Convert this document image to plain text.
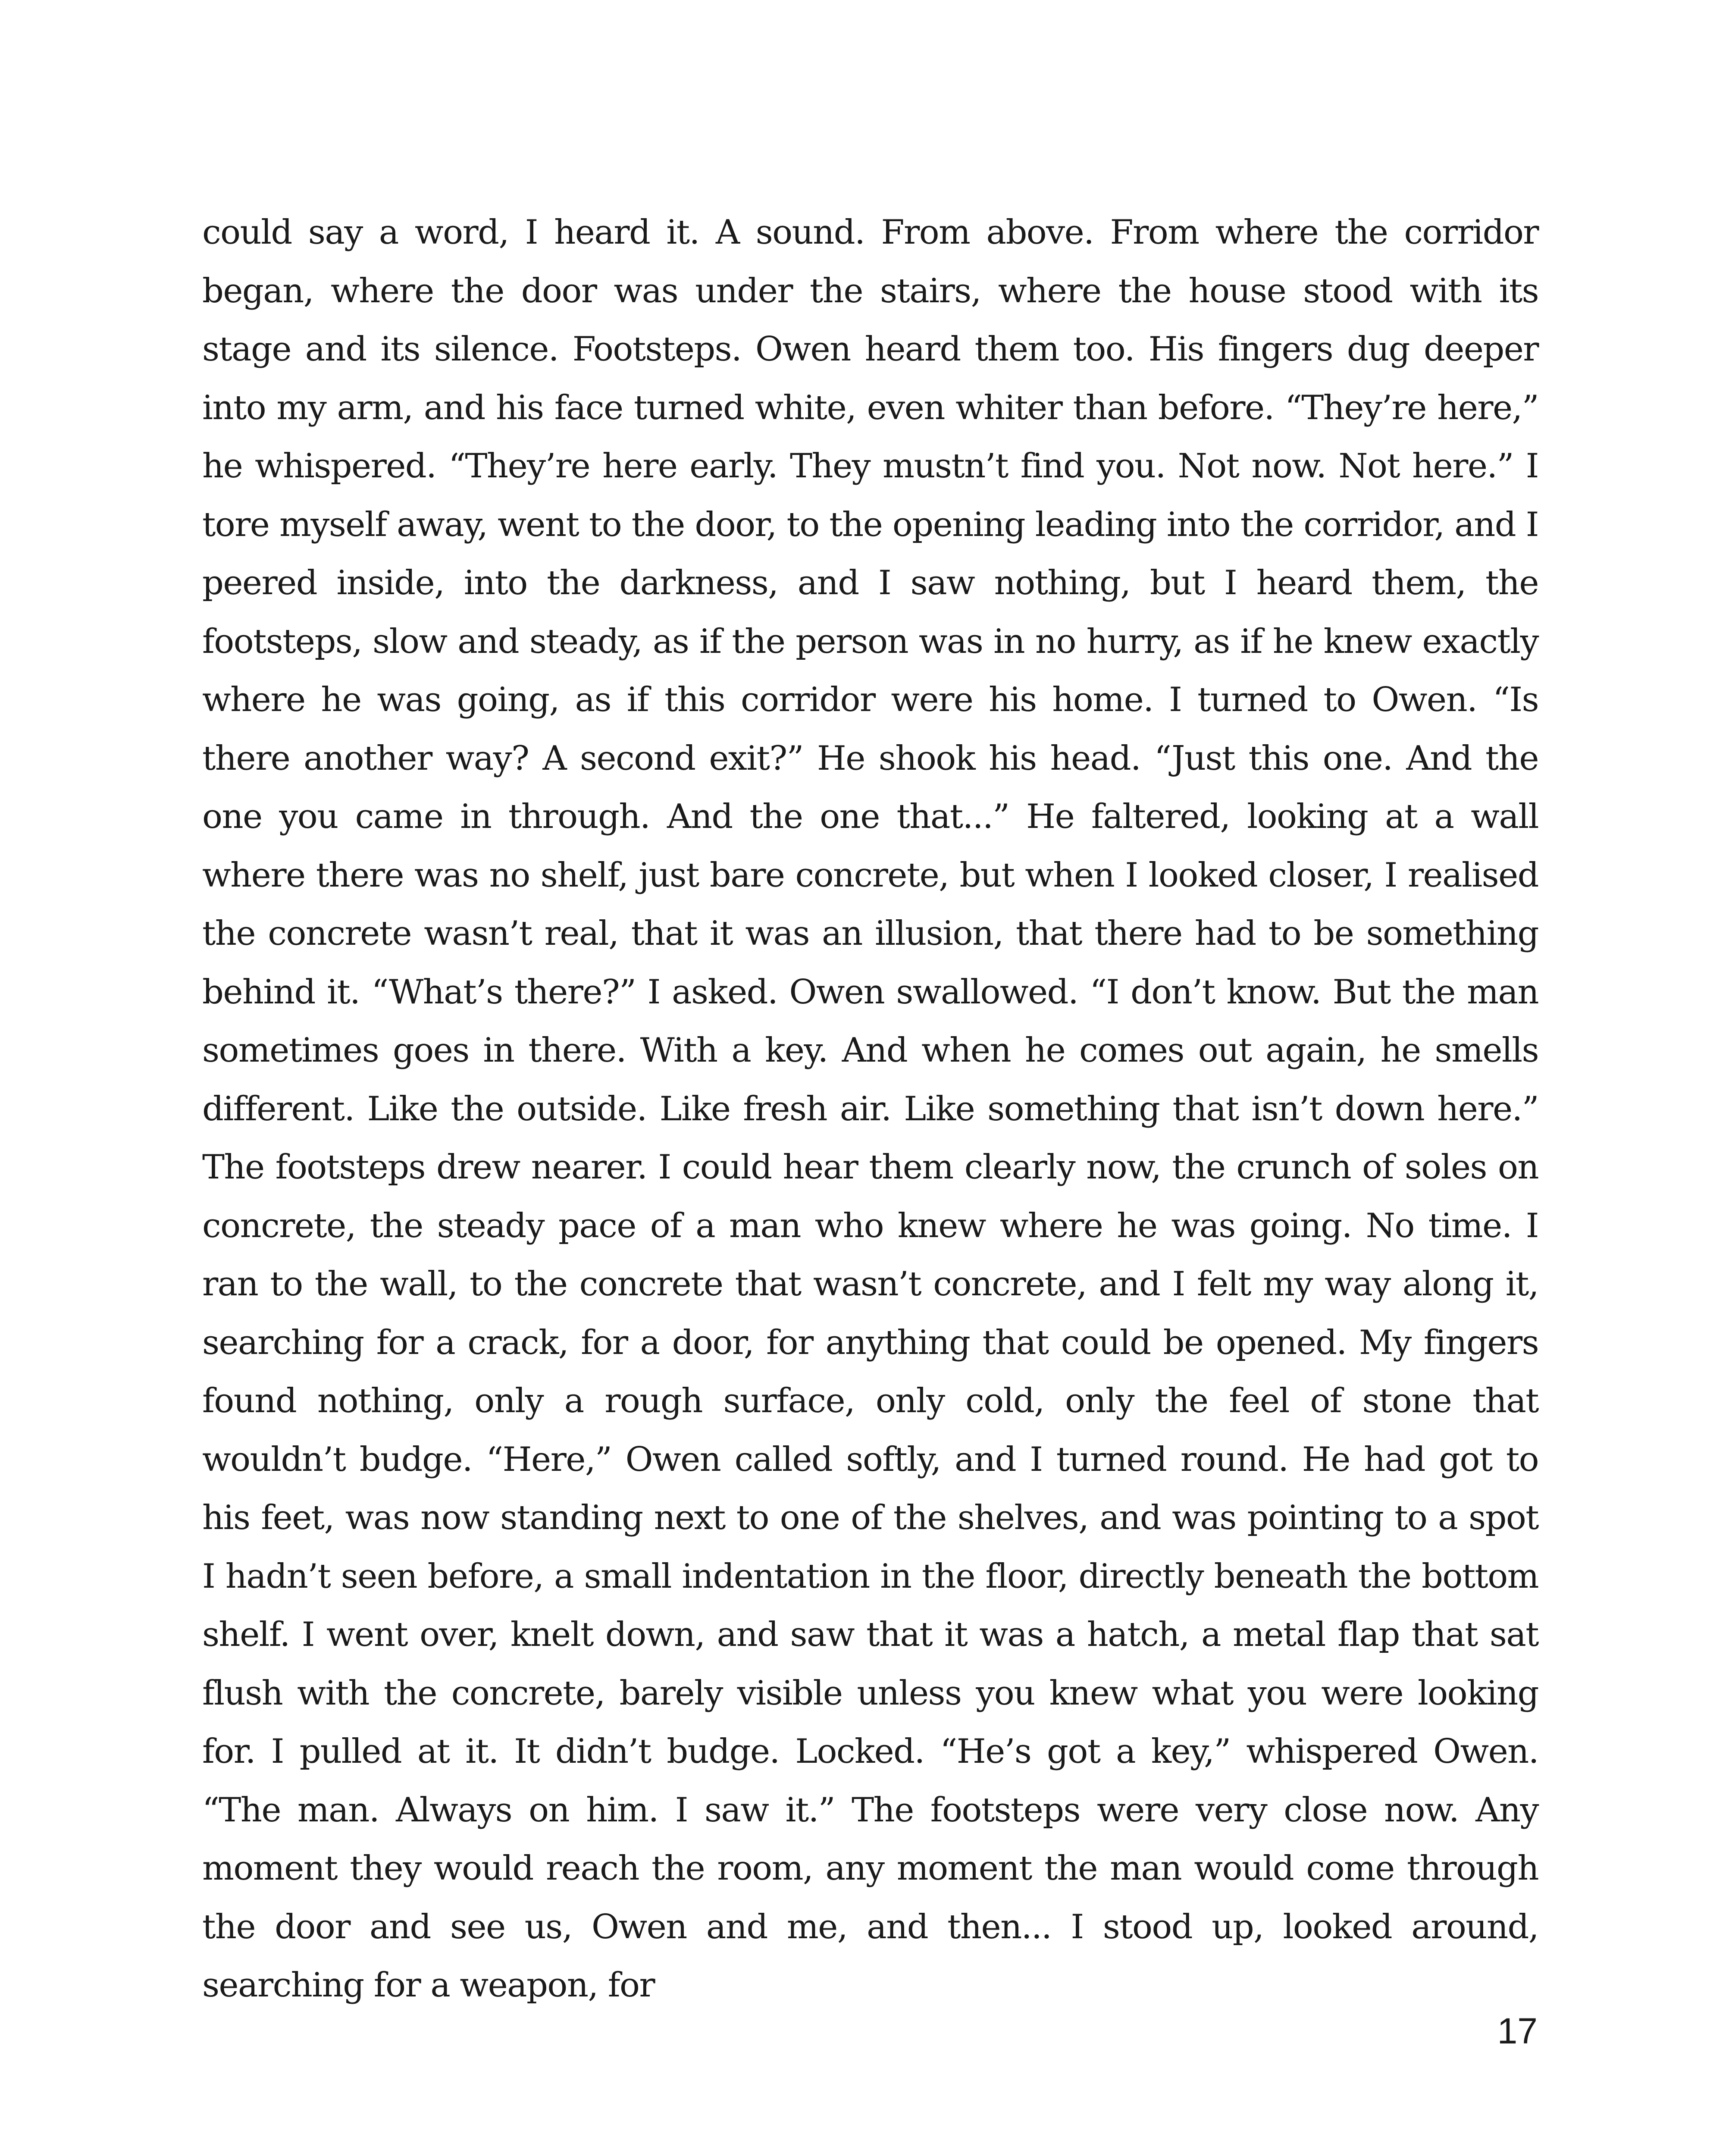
could say a word, I heard it. A sound. From above. From where the corridor began, where the door was under the stairs, where the house stood with its stage and its silence. Footsteps. Owen heard them too. His fingers dug deeper into my arm, and his face turned white, even whiter than before. “They’re here,” he whispered. “They’re here early. They mustn’t find you. Not now. Not here.” I tore myself away, went to the door, to the opening leading into the corridor, and I peered inside, into the darkness, and I saw nothing, but I heard them, the footsteps, slow and steady, as if the person was in no hurry, as if he knew exactly where he was going, as if this corridor were his home. I turned to Owen. “Is there another way? A second exit?” He shook his head. “Just this one. And the one you came in through. And the one that...” He faltered, looking at a wall where there was no shelf, just bare concrete, but when I looked closer, I realised the concrete wasn’t real, that it was an illusion, that there had to be something behind it. “What’s there?” I asked. Owen swallowed. “I don’t know. But the man sometimes goes in there. With a key. And when he comes out again, he smells different. Like the outside. Like fresh air. Like something that isn’t down here.” The footsteps drew nearer. I could hear them clearly now, the crunch of soles on concrete, the steady pace of a man who knew where he was going. No time. I ran to the wall, to the concrete that wasn’t concrete, and I felt my way along it, searching for a crack, for a door, for anything that could be opened. My fingers found nothing, only a rough surface, only cold, only the feel of stone that wouldn’t budge. “Here,” Owen called softly, and I turned round. He had got to his feet, was now standing next to one of the shelves, and was pointing to a spot I hadn’t seen before, a small indentation in the floor, directly beneath the bottom shelf. I went over, knelt down, and saw that it was a hatch, a metal flap that sat flush with the concrete, barely visible unless you knew what you were looking for. I pulled at it. It didn’t budge. Locked. “He’s got a key,” whispered Owen. “The man. Always on him. I saw it.” The footsteps were very close now. Any moment they would reach the room, any moment the man would come through the door and see us, Owen and me, and then... I stood up, looked around, searching for a weapon, for

17
